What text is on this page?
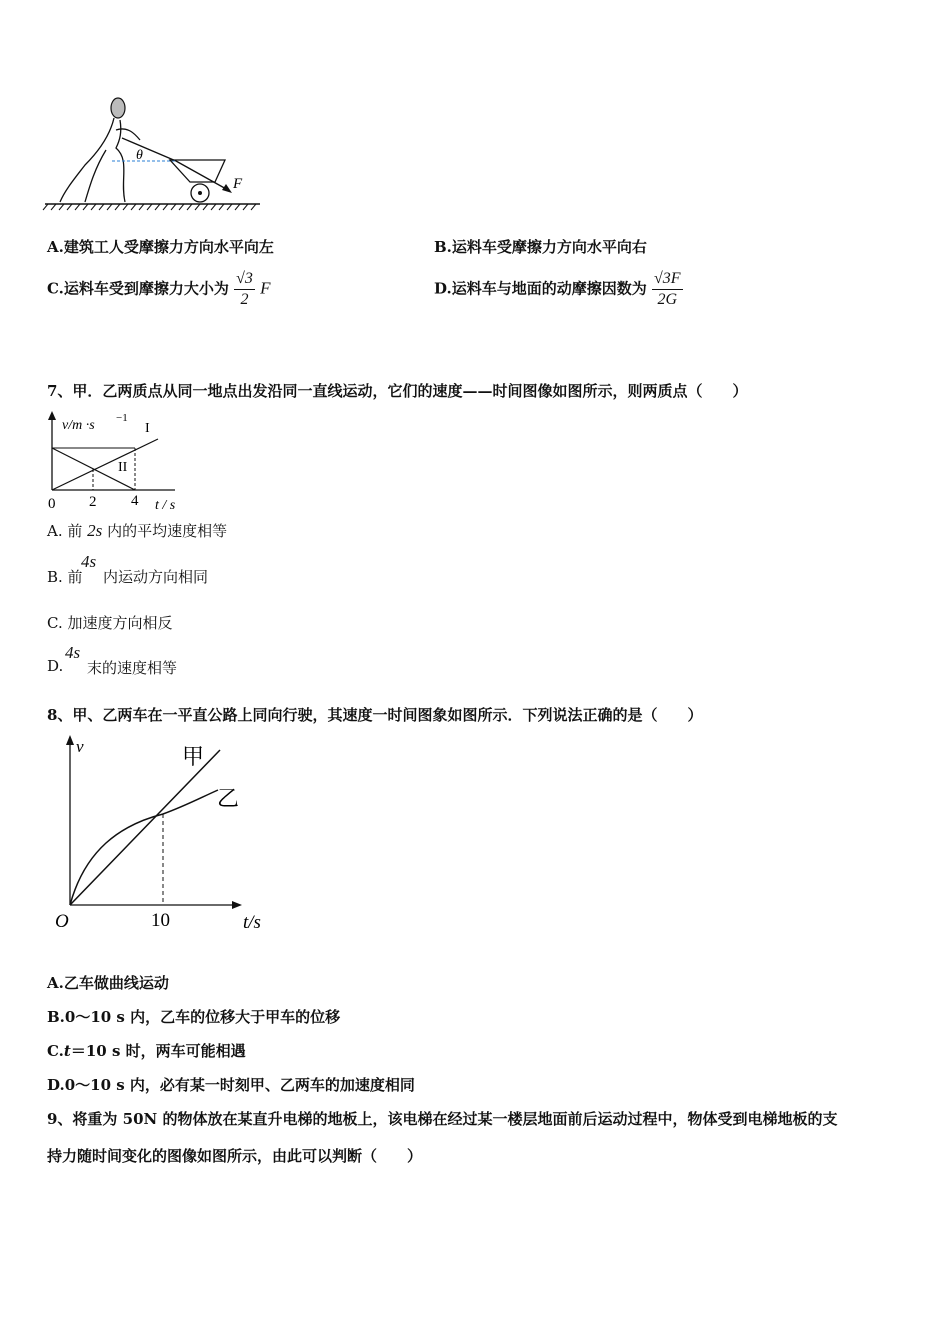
θ
F
A.建筑工人受摩擦力方向水平向左	B.运料车受摩擦力方向水平向右
C.运料车受到摩擦力大小为 $\frac{√3}{2}$ F	D.运料车与地面的动摩擦因数为 $\frac{√3F}{2G}$
7、甲．乙两质点从同一地点出发沿同一直线运动，它们的速度——时间图像如图所示，则两质点（　　）
v/m ·s −1
I
II
0 2 4 t / s
A. 前 2s 内的平均速度相等
B. 前
4s
内运动方向相同
C. 加速度方向相反
D.
4s
末的速度相等
8、甲、乙两车在一平直公路上同向行驶，其速度一时间图象如图所示．下列说法正确的是（　　）
v	甲
乙
O	10	t/s
A.乙车做曲线运动
B.0～10 s 内，乙车的位移大于甲车的位移
C.t＝10 s 时，两车可能相遇
D.0～10 s 内，必有某一时刻甲、乙两车的加速度相同
9、将重为 50N 的物体放在某直升电梯的地板上，该电梯在经过某一楼层地面前后运动过程中，物体受到电梯地板的支
持力随时间变化的图像如图所示，由此可以判断（　　）
